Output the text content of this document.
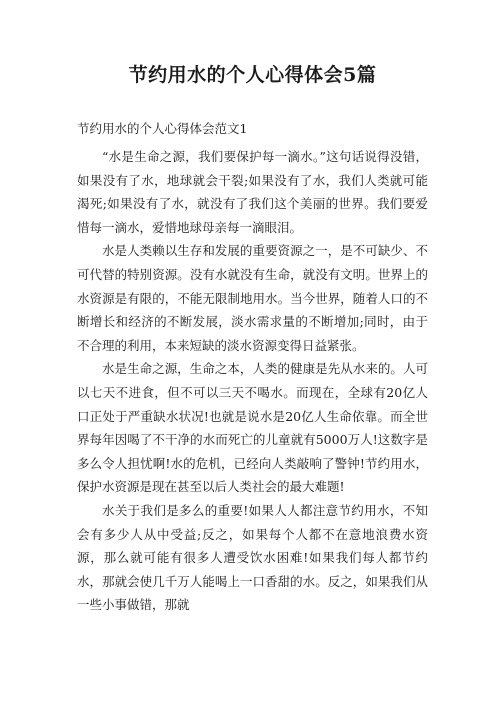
节约用水的个人心得体会5篇

节约用水的个人心得体会范文1

“水是生命之源，我们要保护每一滴水。”这句话说得没错，如果没有了水，地球就会干裂;如果没有了水，我们人类就可能渴死;如果没有了水，就没有了我们这个美丽的世界。我们要爱惜每一滴水，爱惜地球母亲每一滴眼泪。

水是人类赖以生存和发展的重要资源之一，是不可缺少、不可代替的特别资源。没有水就没有生命，就没有文明。世界上的水资源是有限的，不能无限制地用水。当今世界，随着人口的不断增长和经济的不断发展，淡水需求量的不断增加;同时，由于不合理的利用，本来短缺的淡水资源变得日益紧张。

水是生命之源，生命之本，人类的健康是先从水来的。人可以七天不进食，但不可以三天不喝水。而现在，全球有20亿人口正处于严重缺水状况!也就是说水是20亿人生命依靠。而全世界每年因喝了不干净的水而死亡的儿童就有5000万人!这数字是多么令人担忧啊!水的危机，已经向人类敲响了警钟!节约用水，保护水资源是现在甚至以后人类社会的最大难题!

水关于我们是多么的重要!如果人人都注意节约用水，不知会有多少人从中受益;反之，如果每个人都不在意地浪费水资源，那么就可能有很多人遭受饮水困难!如果我们每人都节约水，那就会使几千万人能喝上一口香甜的水。反之，如果我们从一些小事做错，那就
